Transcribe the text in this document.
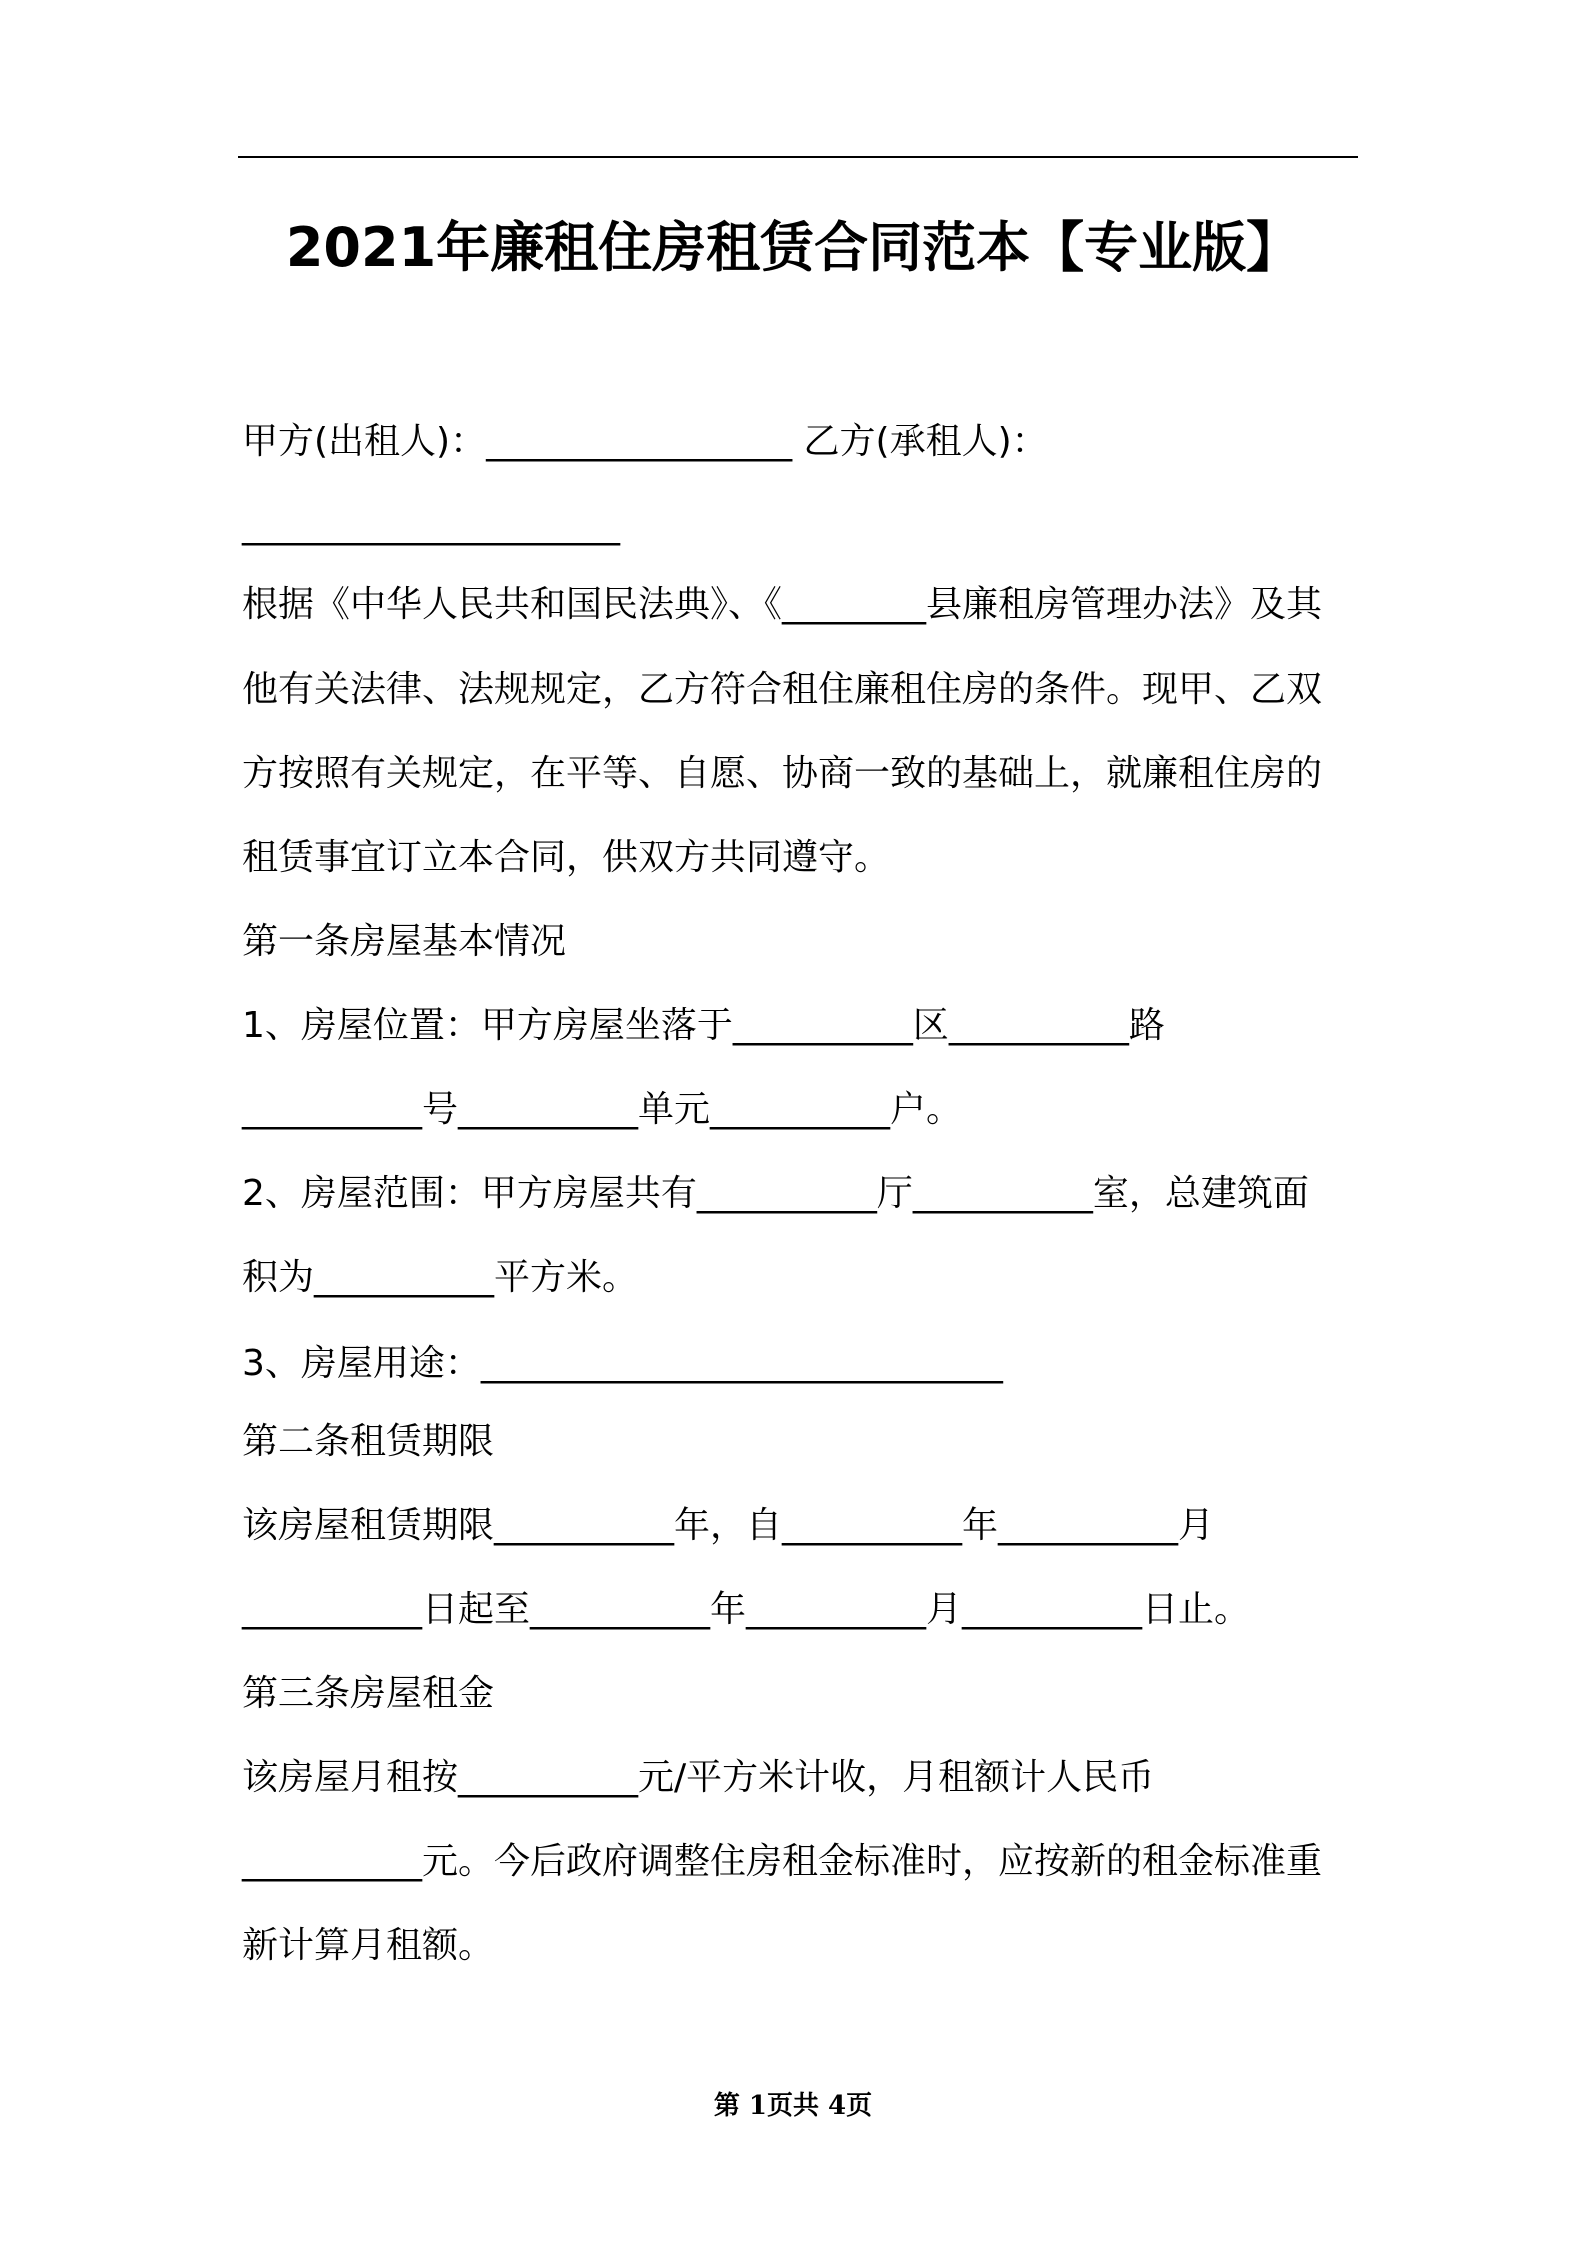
2021年廉租住房租赁合同范本【专业版】
甲方(出租人)：_________________ 乙方(承租人)：
_____________________
根据《中华人民共和国民法典》、《________县廉租房管理办法》及其
他有关法律、法规规定，乙方符合租住廉租住房的条件。现甲、乙双
方按照有关规定，在平等、自愿、协商一致的基础上，就廉租住房的
租赁事宜订立本合同，供双方共同遵守。
第一条房屋基本情况
1、房屋位置：甲方房屋坐落于__________区__________路
__________号__________单元__________户。
2、房屋范围：甲方房屋共有__________厅__________室，总建筑面
积为__________平方米。
3、房屋用途：_____________________________
第二条租赁期限
该房屋租赁期限__________年，自__________年__________月
__________日起至__________年__________月__________日止。
第三条房屋租金
该房屋月租按__________元/平方米计收，月租额计人民币
__________元。今后政府调整住房租金标准时，应按新的租金标准重
新计算月租额。
第 1页共 4页
